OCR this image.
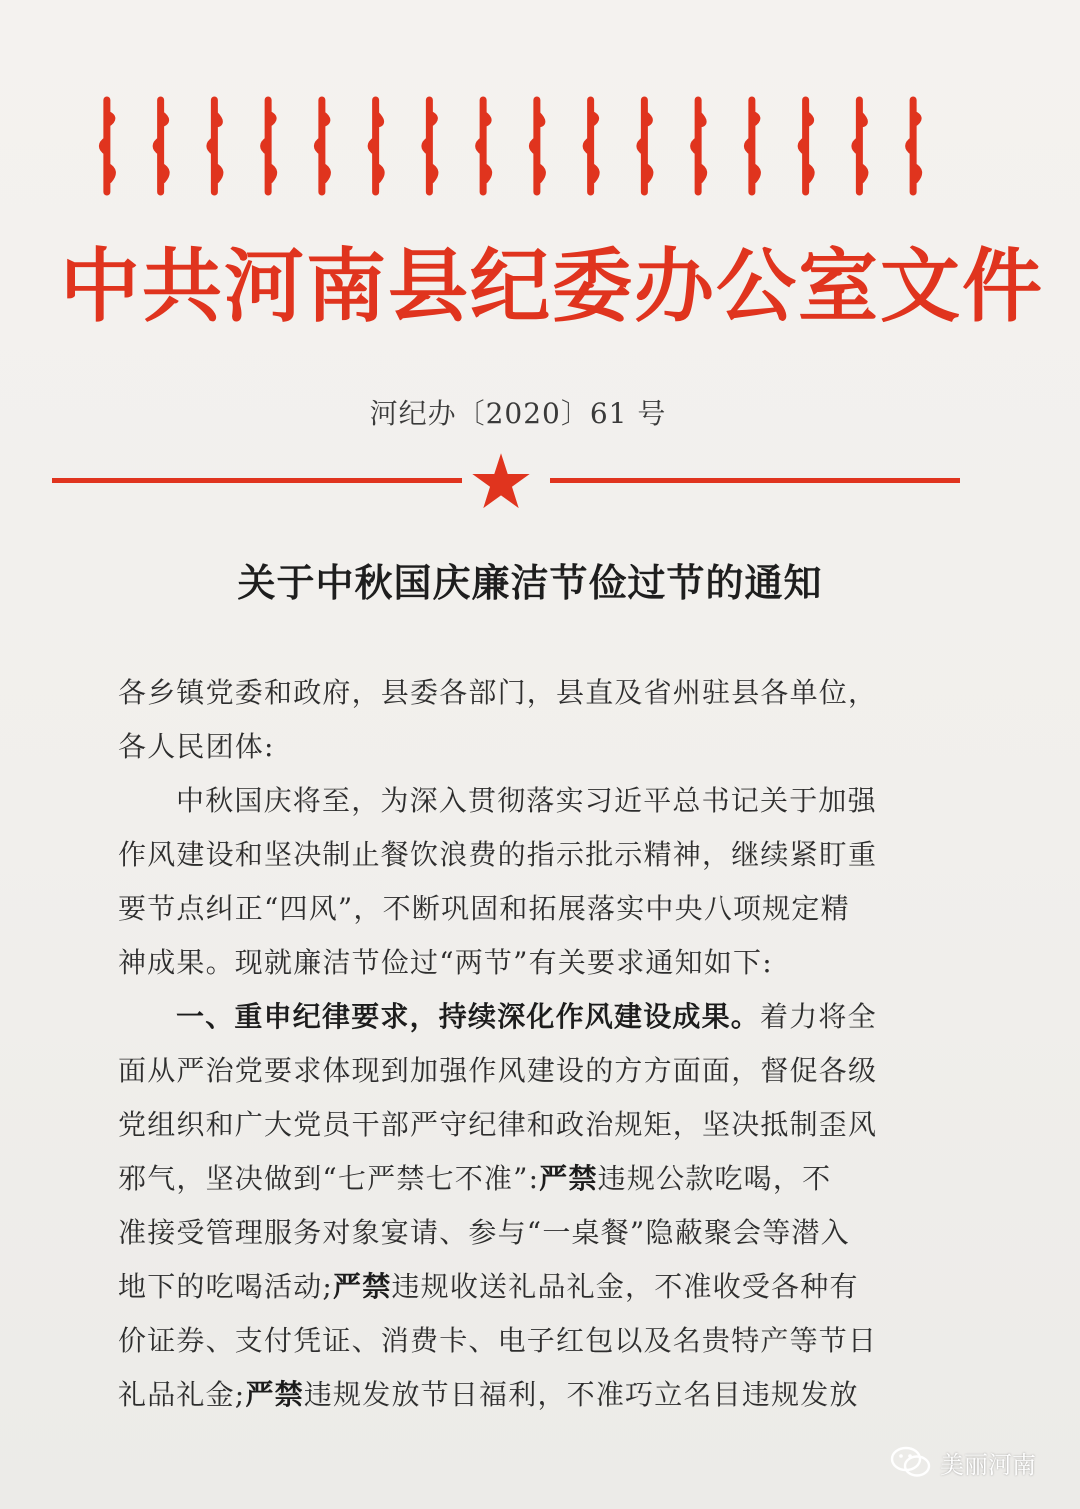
中共河南县纪委办公室文件
河纪办〔2020〕61 号
关于中秋国庆廉洁节俭过节的通知
各乡镇党委和政府，县委各部门，县直及省州驻县各单位，
各人民团体:
中秋国庆将至，为深入贯彻落实习近平总书记关于加强
作风建设和坚决制止餐饮浪费的指示批示精神，继续紧盯重
要节点纠正“四风”，不断巩固和拓展落实中央八项规定精
神成果。现就廉洁节俭过“两节”有关要求通知如下:
一、重申纪律要求，持续深化作风建设成果。着力将全
面从严治党要求体现到加强作风建设的方方面面，督促各级
党组织和广大党员干部严守纪律和政治规矩，坚决抵制歪风
邪气，坚决做到“七严禁七不准”:严禁违规公款吃喝，不
准接受管理服务对象宴请、参与“一桌餐”隐蔽聚会等潜入
地下的吃喝活动;严禁违规收送礼品礼金，不准收受各种有
价证券、支付凭证、消费卡、电子红包以及名贵特产等节日
礼品礼金;严禁违规发放节日福利，不准巧立名目违规发放
美丽河南
